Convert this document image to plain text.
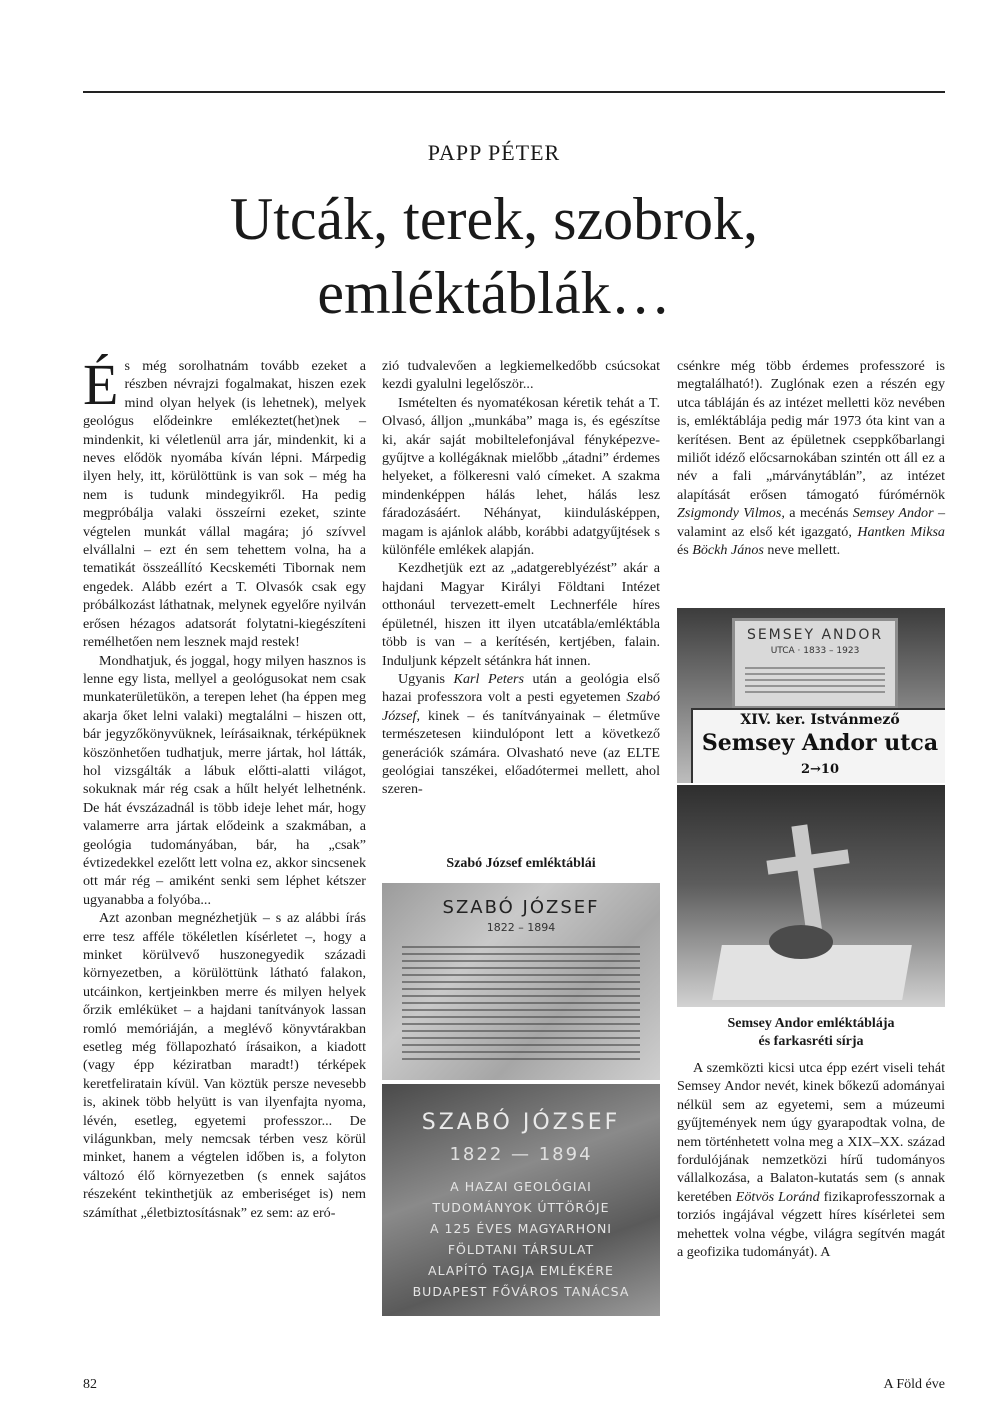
PAPP PÉTER
Utcák, terek, szobrok,
emléktáblák…

És még sorolhatnám tovább ezeket a részben névrajzi fogalmakat, hiszen ezek mind olyan helyek (is lehetnek), melyek geológus elődeinkre emlékeztet(het)nek – mindenkit, ki véletlenül arra jár, mindenkit, ki a neves elődök nyomába kíván lépni. Márpedig ilyen hely, itt, körülöttünk is van sok – még ha nem is tudunk mindegyikről. Ha pedig megpróbálja valaki összeírni ezeket, szinte végtelen munkát vállal magára; jó szívvel elvállalni – ezt én sem tehettem volna, ha a tematikát összeállító Kecskeméti Tibornak nem engedek. Alább ezért a T. Olvasók csak egy próbálkozást láthatnak, melynek egyelőre nyilván erősen hézagos adatsorát folytatni-kiegészíteni remélhetően nem lesznek majd restek!

Mondhatjuk, és joggal, hogy milyen hasznos is lenne egy lista, mellyel a geológusokat nem csak munkaterületükön, a terepen lehet (ha éppen meg akarja őket lelni valaki) megtalálni – hiszen ott, bár jegyzőkönyvüknek, leírásaiknak, térképüknek köszönhetően tudhatjuk, merre jártak, hol látták, hol vizsgálták a lábuk előtti-alatti világot, sokuknak már rég csak a hűlt helyét lelhetnénk. De hát évszázadnál is több ideje lehet már, hogy valamerre arra jártak elődeink a szakmában, a geológia tudományában, bár, ha „csak” évtizedekkel ezelőtt lett volna ez, akkor sincsenek ott már rég – amiként senki sem léphet kétszer ugyanabba a folyóba...

Azt azonban megnézhetjük – s az alábbi írás erre tesz afféle tökéletlen kísérletet –, hogy a minket körülvevő huszonegyedik századi környezetben, a körülöttünk látható falakon, utcáinkon, kertjeinkben merre és milyen helyek őrzik emléküket – a hajdani tanítványok lassan romló memóriáján, a meglévő könyvtárakban esetleg még föllapozható írásaikon, a kiadott (vagy épp kéziratban maradt!) térképek keretfeliratain kívül. Van köztük persze nevesebb is, akinek több helyütt is van ilyenfajta nyoma, lévén, esetleg, egyetemi professzor... De világunkban, mely nemcsak térben vesz körül minket, hanem a végtelen időben is, a folyton változó élő környezetben (s ennek sajátos részeként tekinthetjük az emberiséget is) nem számíthat „életbiztosításnak” ez sem: az eró-

zió tudvalevően a legkiemelkedőbb csúcsokat kezdi gyalulni legelőször...

Ismételten és nyomatékosan kéretik tehát a T. Olvasó, álljon „munkába” maga is, és egészítse ki, akár saját mobiltelefonjával fényképezve-gyűjtve a kollégáknak mielőbb „átadni” érdemes helyeket, a fölkeresni való címeket. A szakma mindenképpen hálás lehet, hálás lesz fáradozásáért. Néhányat, kiindulásképpen, magam is ajánlok alább, korábbi adatgyűjtések s különféle emlékek alapján.

Kezdhetjük ezt az „adatgereblyézést” akár a hajdani Magyar Királyi Földtani Intézet otthonául tervezett-emelt Lechnerféle híres épületnél, hiszen itt ilyen utcatábla/emléktábla több is van – a kerítésén, kertjében, falain. Induljunk képzelt sétánkra hát innen.

Ugyanis Karl Peters után a geológia első hazai professzora volt a pesti egyetemen Szabó József, kinek – és tanítványainak – életműve természetesen kiindulópont lett a következő generációk számára. Olvasható neve (az ELTE geológiai tanszékei, előadótermei mellett, ahol szeren-

Szabó József emléktáblái
SZABÓ JÓZSEF
1822 – 1894
SZABÓ JÓZSEF
1822 — 1894
A HAZAI GEOLÓGIAI
TUDOMÁNYOK ÚTTÖRŐJE
A 125 ÉVES MAGYARHONI
FÖLDTANI TÁRSULAT
ALAPÍTÓ TAGJA EMLÉKÉRE
BUDAPEST FŐVÁROS TANÁCSA

csénkre még több érdemes professzoré is megtalálható!). Zuglónak ezen a részén egy utca tábláján és az intézet melletti köz nevében is, emléktáblája pedig már 1973 óta kint van a kerítésen. Bent az épületnek cseppkőbarlangi miliőt idéző előcsarnokában szintén ott áll ez a név a fali „márványtáblán”, az intézet alapítását erősen támogató fúrómérnök Zsigmondy Vilmos, a mecénás Semsey Andor – valamint az első két igazgató, Hantken Miksa és Böckh János neve mellett.

SEMSEY ANDOR
UTCA · 1833 – 1923
XIV. ker. Istvánmező
Semsey Andor utca
2→10
Semsey Andor emléktáblája
és farkasréti sírja

A szemközti kicsi utca épp ezért viseli tehát Semsey Andor nevét, kinek bőkezű adományai nélkül sem az egyetemi, sem a múzeumi gyűjtemények nem úgy gyarapodtak volna, de nem történhetett volna meg a XIX–XX. század fordulójának nemzetközi hírű tudományos vállalkozása, a Balaton-kutatás sem (s annak keretében Eötvös Loránd fizikaprofesszornak a torziós ingájával végzett híres kísérletei sem mehettek volna végbe, világra segítvén magát a geofizika tudományát). A

82	A Föld éve
